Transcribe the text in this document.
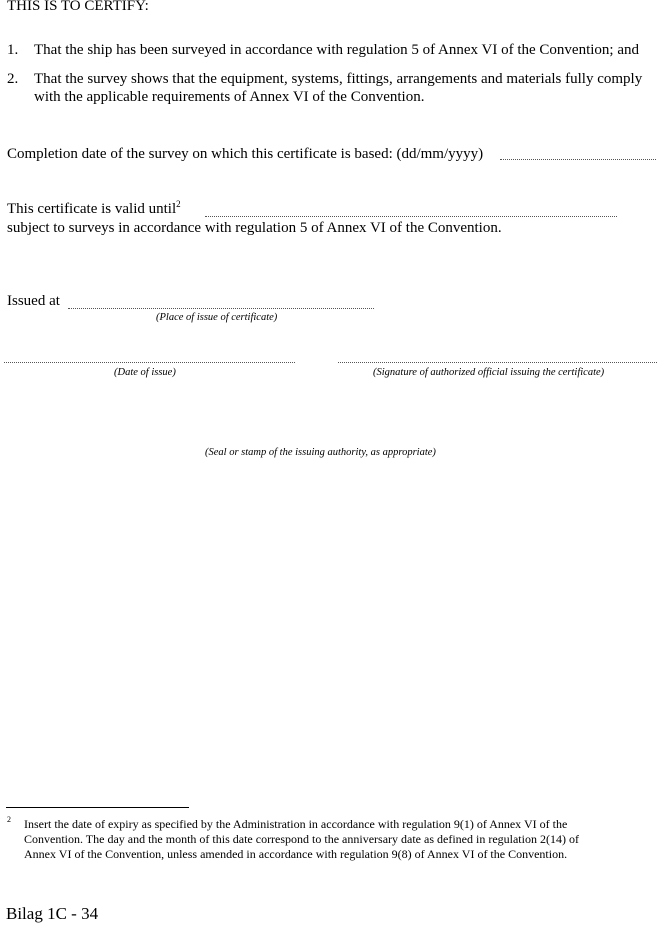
THIS IS TO CERTIFY:
1. That the ship has been surveyed in accordance with regulation 5 of Annex VI of the Convention; and
2. That the survey shows that the equipment, systems, fittings, arrangements and materials fully comply
with the applicable requirements of Annex VI of the Convention.
Completion date of the survey on which this certificate is based: (dd/mm/yyyy)
This certificate is valid until$^2$
subject to surveys in accordance with regulation 5 of Annex VI of the Convention.
Issued at
(Place of issue of certificate)
(Date of issue)	(Signature of authorized official issuing the certificate)
(Seal or stamp of the issuing authority, as appropriate)
2 Insert the date of expiry as specified by the Administration in accordance with regulation 9(1) of Annex VI of the
Convention. The day and the month of this date correspond to the anniversary date as defined in regulation 2(14) of
Annex VI of the Convention, unless amended in accordance with regulation 9(8) of Annex VI of the Convention.
Bilag 1C - 34
